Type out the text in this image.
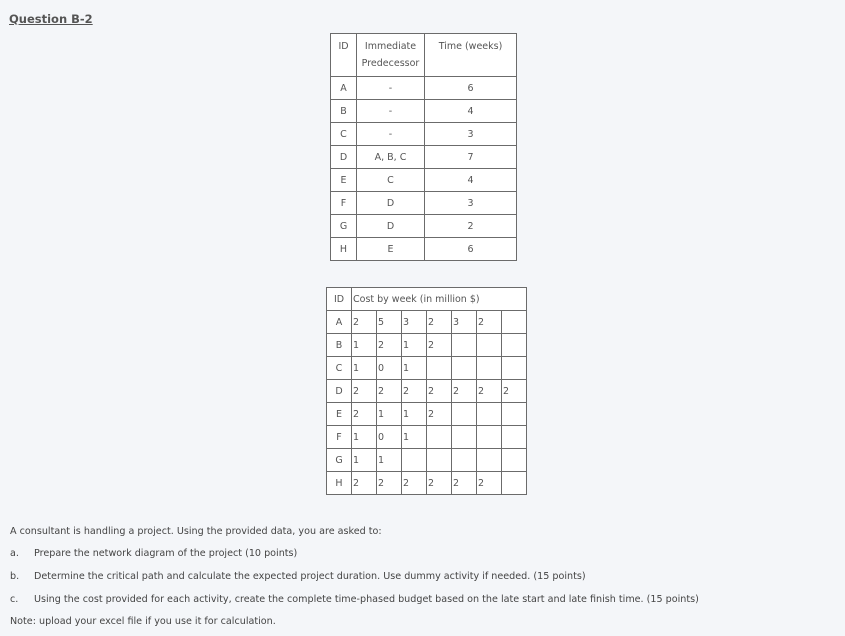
Question B-2
ID	Immediate Predecessor	Time (weeks)
A	-	6
B	-	4
C	-	3
D	A, B, C	7
E	C	4
F	D	3
G	D	2
H	E	6
ID	Cost by week (in million $)						
A	2	5	3	2	3	2	
B	1	2	1	2			
C	1	0	1				
D	2	2	2	2	2	2	2
E	2	1	1	2			
F	1	0	1				
G	1	1					
H	2	2	2	2	2	2	
A consultant is handling a project. Using the provided data, you are asked to:
a. Prepare the network diagram of the project (10 points)
b. Determine the critical path and calculate the expected project duration. Use dummy activity if needed. (15 points)
c. Using the cost provided for each activity, create the complete time-phased budget based on the late start and late finish time. (15 points)
Note: upload your excel file if you use it for calculation.
